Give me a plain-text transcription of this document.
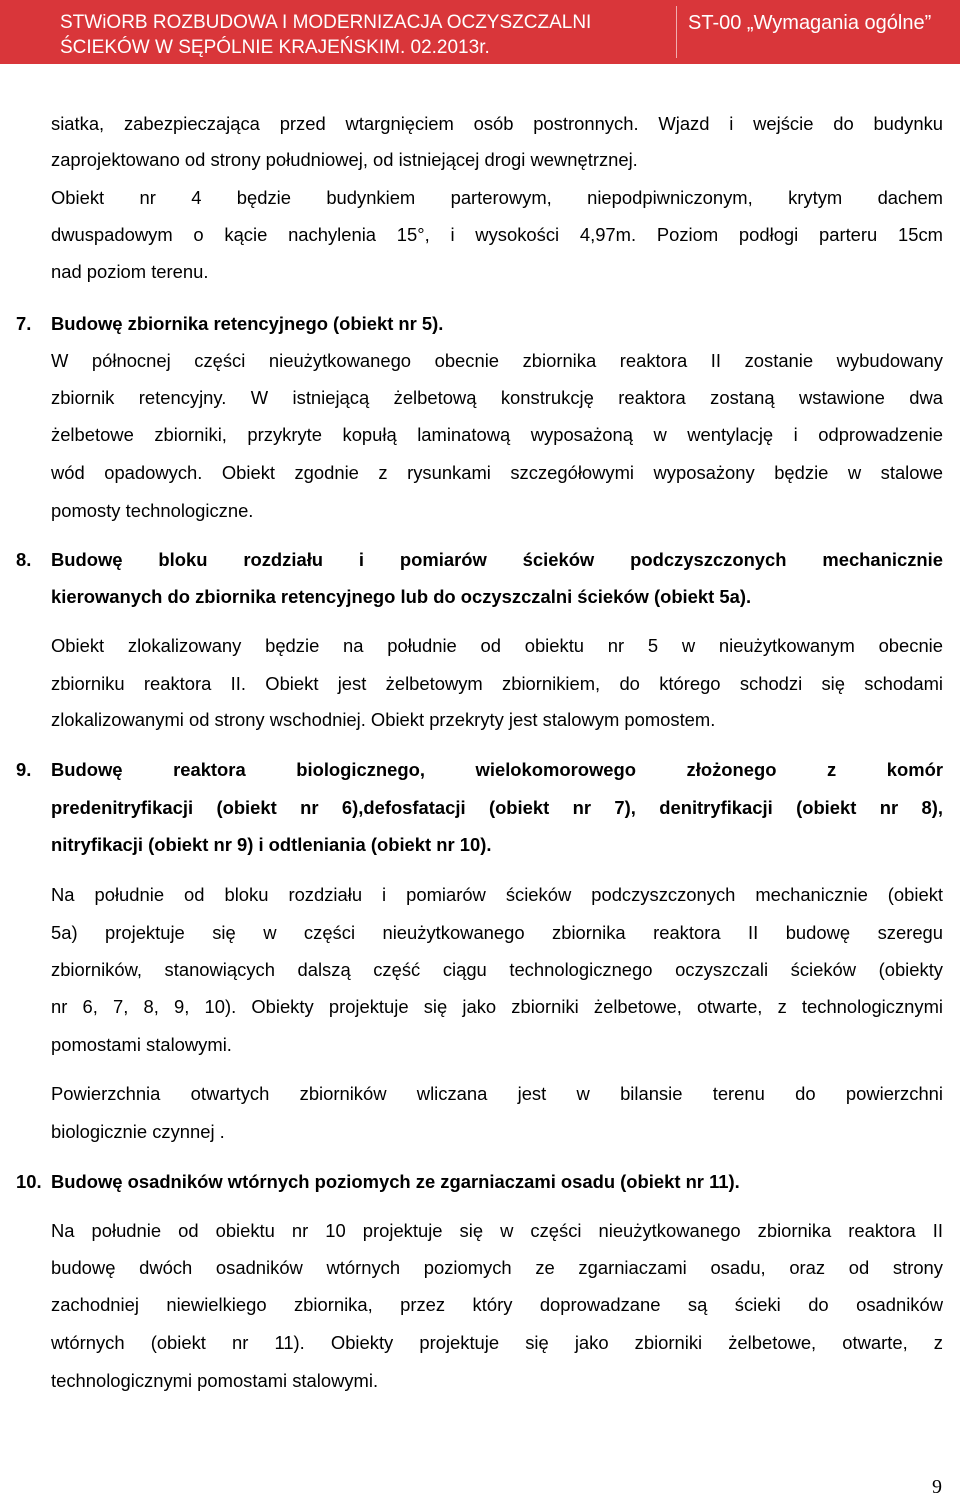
STWiORB ROZBUDOWA I MODERNIZACJA OCZYSZCZALNI
ŚCIEKÓW W SĘPÓLNIE KRAJEŃSKIM. 02.2013r.
ST-00 „Wymagania ogólne”
siatka, zabezpieczająca przed wtargnięciem osób postronnych. Wjazd i wejście do budynku
zaprojektowano od strony południowej, od istniejącej drogi wewnętrznej.
Obiekt nr 4 będzie budynkiem parterowym, niepodpiwniczonym, krytym dachem
dwuspadowym o kącie nachylenia 15°, i wysokości 4,97m. Poziom podłogi parteru 15cm
nad poziom terenu.
7. Budowę zbiornika retencyjnego (obiekt nr 5).
W północnej części nieużytkowanego obecnie zbiornika reaktora II zostanie wybudowany
zbiornik retencyjny. W istniejącą żelbetową konstrukcję reaktora zostaną wstawione dwa
żelbetowe zbiorniki, przykryte kopułą laminatową wyposażoną w wentylację i odprowadzenie
wód opadowych. Obiekt zgodnie z rysunkami szczegółowymi wyposażony będzie w stalowe
pomosty technologiczne.
8. Budowę bloku rozdziału i pomiarów ścieków podczyszczonych mechanicznie
kierowanych do zbiornika retencyjnego lub do oczyszczalni ścieków (obiekt 5a).
Obiekt zlokalizowany będzie na południe od obiektu nr 5 w nieużytkowanym obecnie
zbiorniku reaktora II. Obiekt jest żelbetowym zbiornikiem, do którego schodzi się schodami
zlokalizowanymi od strony wschodniej. Obiekt przekryty jest stalowym pomostem.
9. Budowę reaktora biologicznego, wielokomorowego złożonego z komór
predenitryfikacji (obiekt nr 6),defosfatacji (obiekt nr 7), denitryfikacji (obiekt nr 8),
nitryfikacji (obiekt nr 9) i odtleniania (obiekt nr 10).
Na południe od bloku rozdziału i pomiarów ścieków podczyszczonych mechanicznie (obiekt
5a) projektuje się w części nieużytkowanego zbiornika reaktora II budowę szeregu
zbiorników, stanowiących dalszą część ciągu technologicznego oczyszczali ścieków (obiekty
nr 6, 7, 8, 9, 10). Obiekty projektuje się jako zbiorniki żelbetowe, otwarte, z technologicznymi
pomostami stalowymi.
Powierzchnia otwartych zbiorników wliczana jest w bilansie terenu do powierzchni
biologicznie czynnej .
10. Budowę osadników wtórnych poziomych ze zgarniaczami osadu (obiekt nr 11).
Na południe od obiektu nr 10 projektuje się w części nieużytkowanego zbiornika reaktora II
budowę dwóch osadników wtórnych poziomych ze zgarniaczami osadu, oraz od strony
zachodniej niewielkiego zbiornika, przez który doprowadzane są ścieki do osadników
wtórnych (obiekt nr 11). Obiekty projektuje się jako zbiorniki żelbetowe, otwarte, z
technologicznymi pomostami stalowymi.
9
